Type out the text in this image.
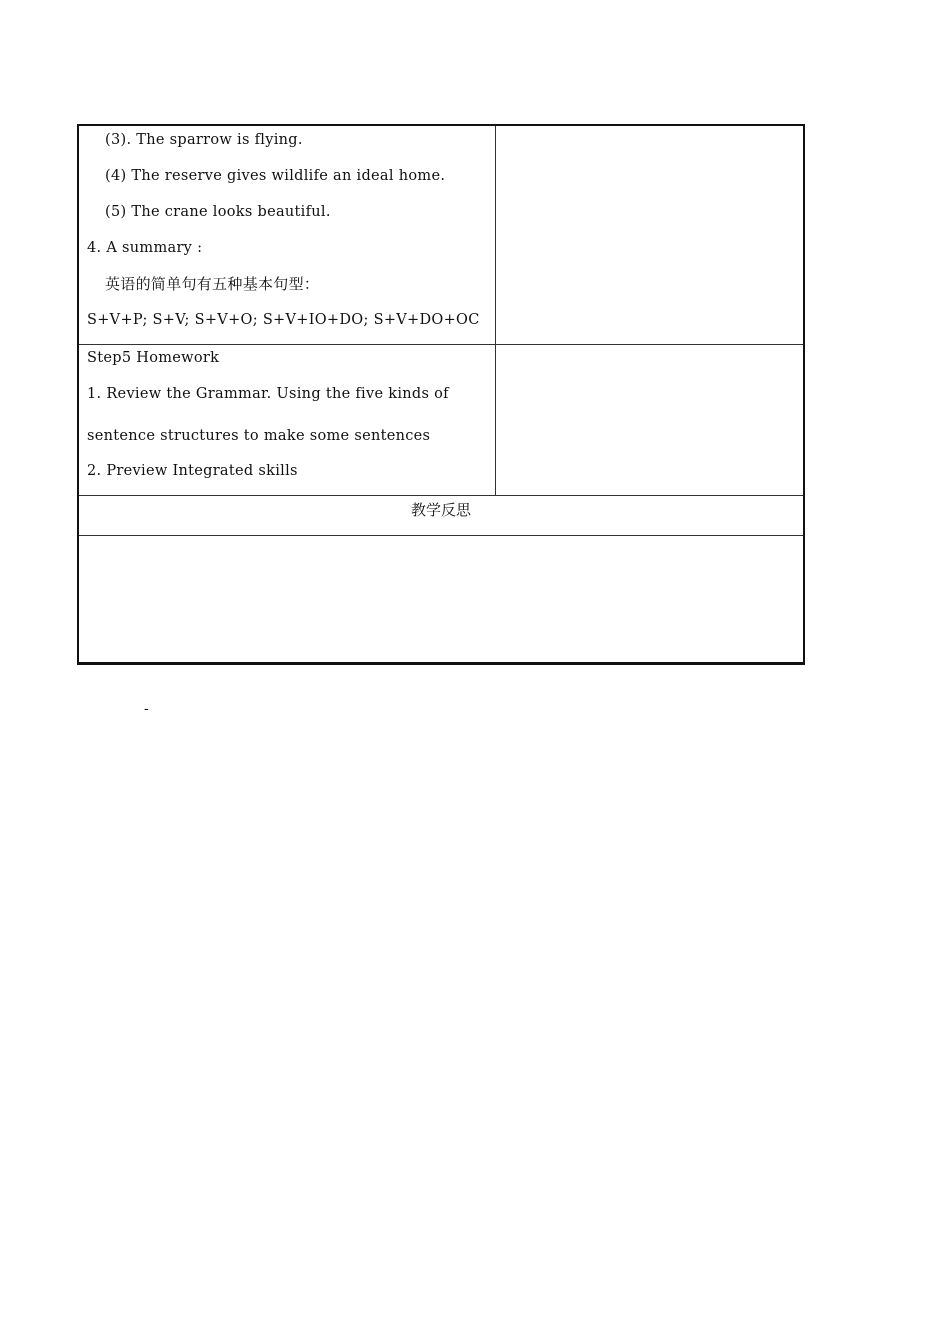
(3). The sparrow is flying.
(4) The reserve gives wildlife an ideal home.
(5) The crane looks beautiful.
4. A summary :
英语的简单句有五种基本句型：
S+V+P; S+V; S+V+O; S+V+IO+DO; S+V+DO+OC
Step5 Homework
1. Review the Grammar. Using the five kinds of
sentence structures to make some sentences
2. Preview Integrated skills
教学反思
-
